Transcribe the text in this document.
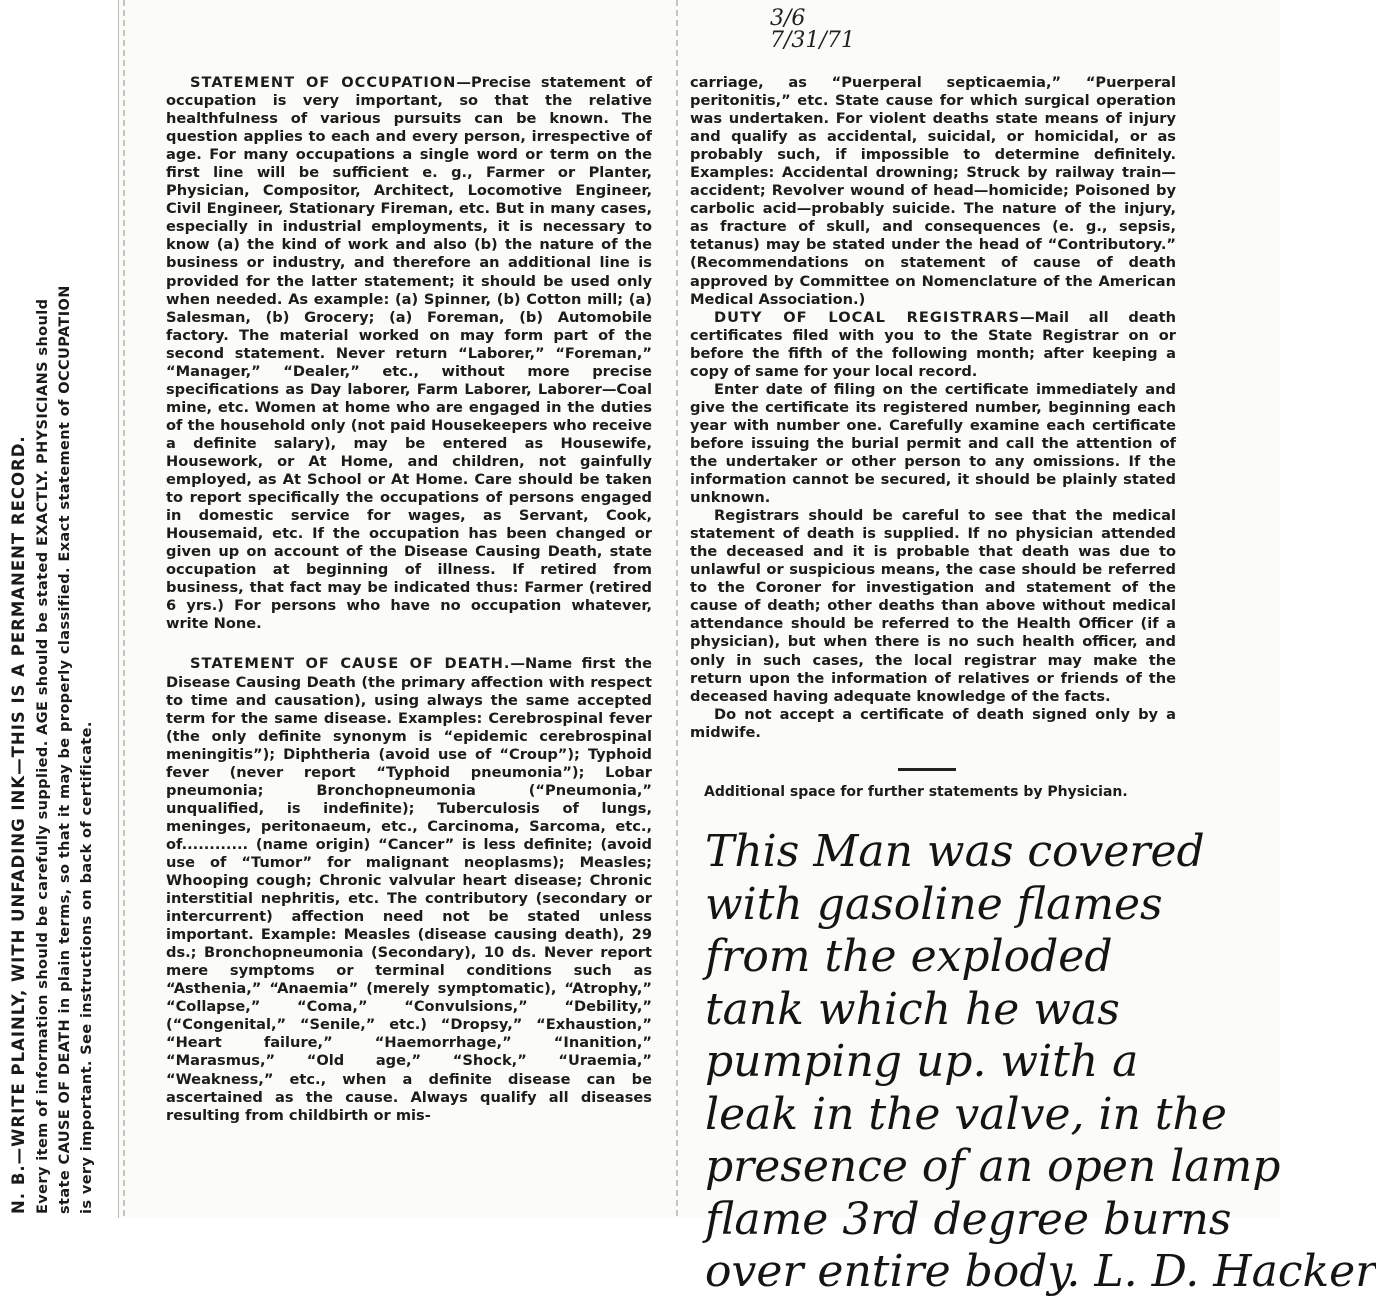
N. B.—WRITE PLAINLY, WITH UNFADING INK—THIS IS A PERMANENT RECORD. Every item of information should be carefully supplied. AGE should be stated EXACTLY. PHYSICIANS should state CAUSE OF DEATH in plain terms, so that it may be properly classified. Exact statement of OCCUPATION is very important. See instructions on back of certificate.
3/6
7/31/71

STATEMENT OF OCCUPATION—Precise statement of occupation is very important, so that the relative healthfulness of various pursuits can be known. The question applies to each and every person, irrespective of age. For many occupations a single word or term on the first line will be sufficient e. g., Farmer or Planter, Physician, Compositor, Architect, Locomotive Engineer, Civil Engineer, Stationary Fireman, etc. But in many cases, especially in industrial employments, it is necessary to know (a) the kind of work and also (b) the nature of the business or industry, and therefore an additional line is provided for the latter statement; it should be used only when needed. As example: (a) Spinner, (b) Cotton mill; (a) Salesman, (b) Grocery; (a) Foreman, (b) Automobile factory. The material worked on may form part of the second statement. Never return “Laborer,” “Foreman,” “Manager,” “Dealer,” etc., without more precise specifications as Day laborer, Farm Laborer, Laborer—Coal mine, etc. Women at home who are engaged in the duties of the household only (not paid Housekeepers who receive a definite salary), may be entered as Housewife, Housework, or At Home, and children, not gainfully employed, as At School or At Home. Care should be taken to report specifically the occupations of persons engaged in domestic service for wages, as Servant, Cook, Housemaid, etc. If the occupation has been changed or given up on account of the Disease Causing Death, state occupation at beginning of illness. If retired from business, that fact may be indicated thus: Farmer (retired 6 yrs.) For persons who have no occupation whatever, write None.

STATEMENT OF CAUSE OF DEATH.—Name first the Disease Causing Death (the primary affection with respect to time and causation), using always the same accepted term for the same disease. Examples: Cerebrospinal fever (the only definite synonym is “epidemic cerebrospinal meningitis”); Diphtheria (avoid use of “Croup”); Typhoid fever (never report “Typhoid pneumonia”); Lobar pneumonia; Bronchopneumonia (“Pneumonia,” unqualified, is indefinite); Tuberculosis of lungs, meninges, peritonaeum, etc., Carcinoma, Sarcoma, etc., of............ (name origin) “Cancer” is less definite; (avoid use of “Tumor” for malignant neoplasms); Measles; Whooping cough; Chronic valvular heart disease; Chronic interstitial nephritis, etc. The contributory (secondary or intercurrent) affection need not be stated unless important. Example: Measles (disease causing death), 29 ds.; Bronchopneumonia (Secondary), 10 ds. Never report mere symptoms or terminal conditions such as “Asthenia,” “Anaemia” (merely symptomatic), “Atrophy,” “Collapse,” “Coma,” “Convulsions,” “Debility,” (“Congenital,” “Senile,” etc.) “Dropsy,” “Exhaustion,” “Heart failure,” “Haemorrhage,” “Inanition,” “Marasmus,” “Old age,” “Shock,” “Uraemia,” “Weakness,” etc., when a definite disease can be ascertained as the cause. Always qualify all diseases resulting from childbirth or mis-

carriage, as “Puerperal septicaemia,” “Puerperal peritonitis,” etc. State cause for which surgical operation was undertaken. For violent deaths state means of injury and qualify as accidental, suicidal, or homicidal, or as probably such, if impossible to determine definitely. Examples: Accidental drowning; Struck by railway train—accident; Revolver wound of head—homicide; Poisoned by carbolic acid—probably suicide. The nature of the injury, as fracture of skull, and consequences (e. g., sepsis, tetanus) may be stated under the head of “Contributory.” (Recommendations on statement of cause of death approved by Committee on Nomenclature of the American Medical Association.)

DUTY OF LOCAL REGISTRARS—Mail all death certificates filed with you to the State Registrar on or before the fifth of the following month; after keeping a copy of same for your local record.

Enter date of filing on the certificate immediately and give the certificate its registered number, beginning each year with number one. Carefully examine each certificate before issuing the burial permit and call the attention of the undertaker or other person to any omissions. If the information cannot be secured, it should be plainly stated unknown.

Registrars should be careful to see that the medical statement of death is supplied. If no physician attended the deceased and it is probable that death was due to unlawful or suspicious means, the case should be referred to the Coroner for investigation and statement of the cause of death; other deaths than above without medical attendance should be referred to the Health Officer (if a physician), but when there is no such health officer, and only in such cases, the local registrar may make the return upon the information of relatives or friends of the deceased having adequate knowledge of the facts.

Do not accept a certificate of death signed only by a midwife.

Additional space for further statements by Physician.
This Man was covered
with gasoline flames
from the exploded
tank which he was
pumping up. with a
leak in the valve, in the
presence of an open lamp
flame 3rd degree burns
over entire body. L. D. Hacker
